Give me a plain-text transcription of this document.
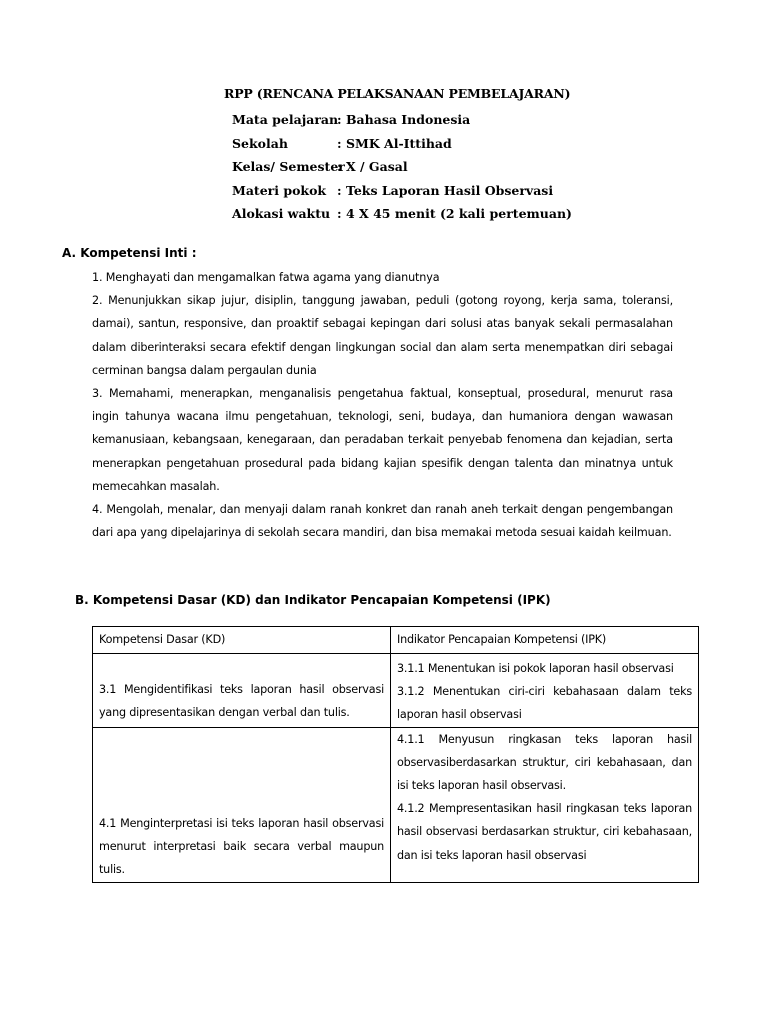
RPP (RENCANA PELAKSANAAN PEMBELAJARAN)
Mata pelajaran
: Bahasa Indonesia
Sekolah	: SMK Al-Ittihad
Kelas/ Semester
: X / Gasal
Materi pokok : Teks Laporan Hasil Observasi
Alokasi waktu : 4 X 45 menit (2 kali pertemuan)
A. Kompetensi Inti :

1. Menghayati dan mengamalkan fatwa agama yang dianutnya

2. Menunjukkan sikap jujur, disiplin, tanggung jawaban, peduli (gotong royong, kerja sama, toleransi, damai), santun, responsive, dan proaktif sebagai kepingan dari solusi atas banyak sekali permasalahan dalam diberinteraksi secara efektif dengan lingkungan social dan alam serta menempatkan diri sebagai cerminan bangsa dalam pergaulan dunia

3. Memahami, menerapkan, menganalisis pengetahua faktual, konseptual, prosedural, menurut rasa ingin tahunya wacana ilmu pengetahuan, teknologi, seni, budaya, dan humaniora dengan wawasan kemanusiaan, kebangsaan, kenegaraan, dan peradaban terkait penyebab fenomena dan kejadian, serta menerapkan pengetahuan prosedural pada bidang kajian spesifik dengan talenta dan minatnya untuk memecahkan masalah.

4. Mengolah, menalar, dan menyaji dalam ranah konkret dan ranah aneh terkait dengan pengembangan dari apa yang dipelajarinya di sekolah secara mandiri, dan bisa memakai metoda sesuai kaidah keilmuan.

B. Kompetensi Dasar (KD) dan Indikator Pencapaian Kompetensi (IPK)
Kompetensi Dasar (KD)	Indikator Pencapaian Kompetensi (IPK)

3.1 Mengidentifikasi teks laporan hasil observasi yang dipresentasikan dengan verbal dan tulis.	3.1.1 Menentukan isi pokok laporan hasil observasi
3.1.2 Menentukan ciri-ciri kebahasaan dalam teks laporan hasil observasi

4.1 Menginterpretasi isi teks laporan hasil observasi menurut interpretasi baik secara verbal maupun tulis.	4.1.1 Menyusun ringkasan teks laporan hasil observasiberdasarkan struktur, ciri kebahasaan, dan isi teks laporan hasil observasi.
4.1.2 Mempresentasikan hasil ringkasan teks laporan hasil observasi berdasarkan struktur, ciri kebahasaan, dan isi teks laporan hasil observasi
